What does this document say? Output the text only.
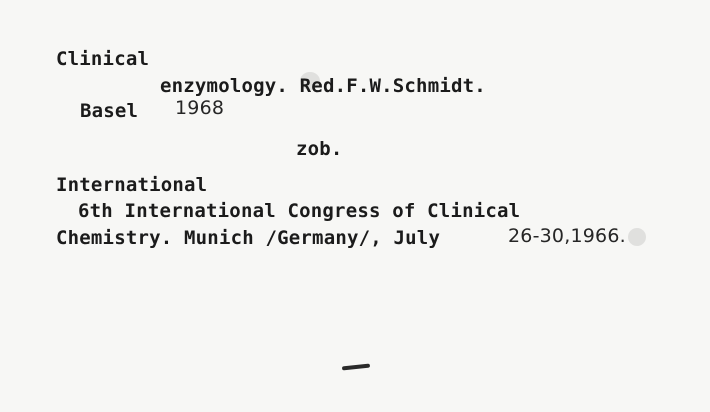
Clinical
enzymology. Red.F.W.Schmidt.
Basel 1968
zob.
International
6th International Congress of Clinical
Chemistry. Munich /Germany/, July	26-30,1966.
